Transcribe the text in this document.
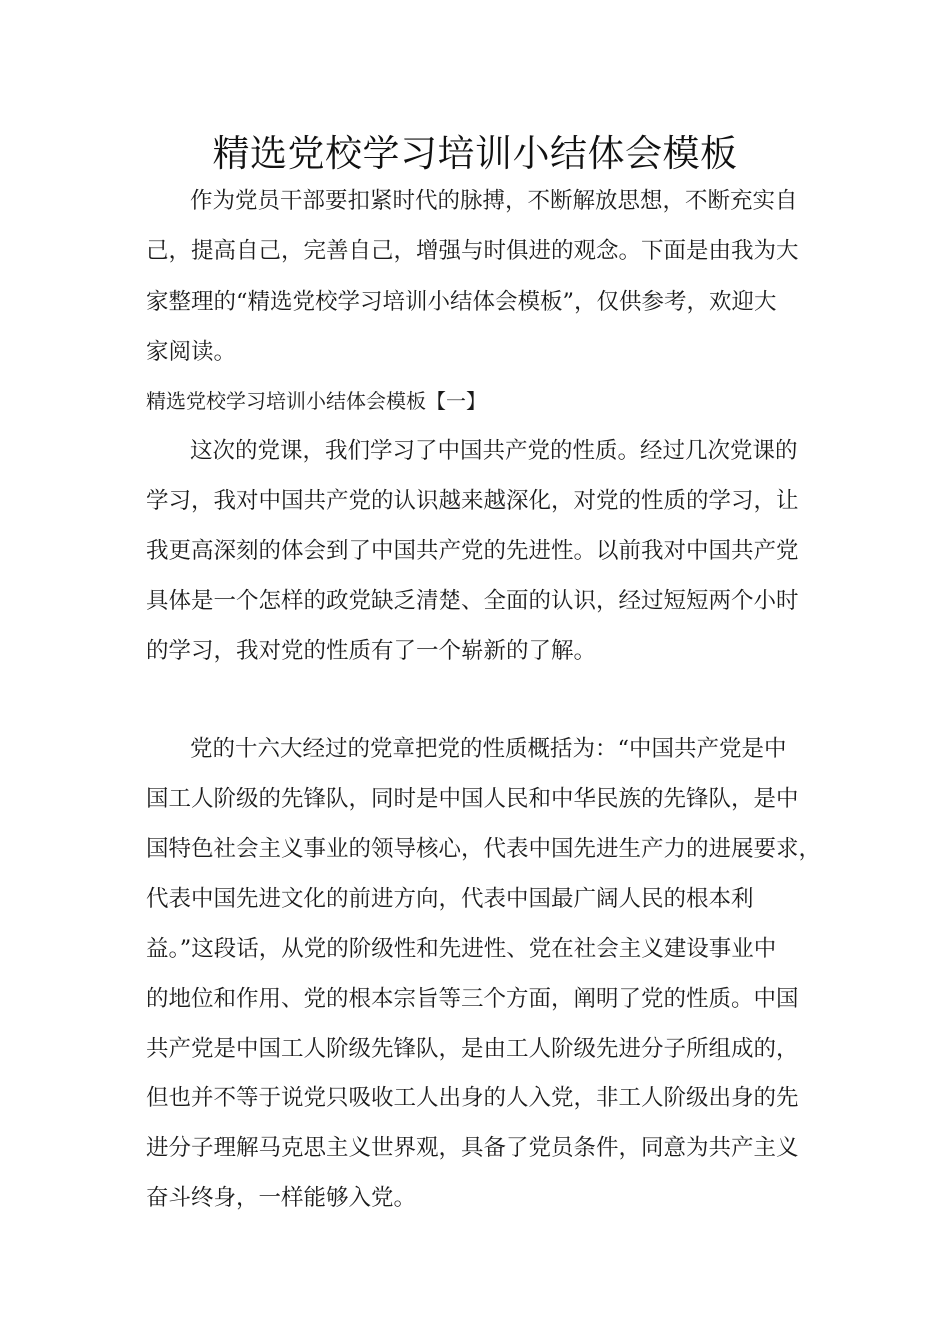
精选党校学习培训小结体会模板
作为党员干部要扣紧时代的脉搏，不断解放思想，不断充实自
己，提高自己，完善自己，增强与时俱进的观念。下面是由我为大
家整理的“精选党校学习培训小结体会模板”，仅供参考，欢迎大
家阅读。
精选党校学习培训小结体会模板【一】
这次的党课，我们学习了中国共产党的性质。经过几次党课的
学习，我对中国共产党的认识越来越深化，对党的性质的学习，让
我更高深刻的体会到了中国共产党的先进性。以前我对中国共产党
具体是一个怎样的政党缺乏清楚、全面的认识，经过短短两个小时
的学习，我对党的性质有了一个崭新的了解。
党的十六大经过的党章把党的性质概括为：“中国共产党是中
国工人阶级的先锋队，同时是中国人民和中华民族的先锋队，是中
国特色社会主义事业的领导核心，代表中国先进生产力的进展要求，
代表中国先进文化的前进方向，代表中国最广阔人民的根本利
益。”这段话，从党的阶级性和先进性、党在社会主义建设事业中
的地位和作用、党的根本宗旨等三个方面，阐明了党的性质。中国
共产党是中国工人阶级先锋队，是由工人阶级先进分子所组成的，
但也并不等于说党只吸收工人出身的人入党，非工人阶级出身的先
进分子理解马克思主义世界观，具备了党员条件，同意为共产主义
奋斗终身，一样能够入党。
